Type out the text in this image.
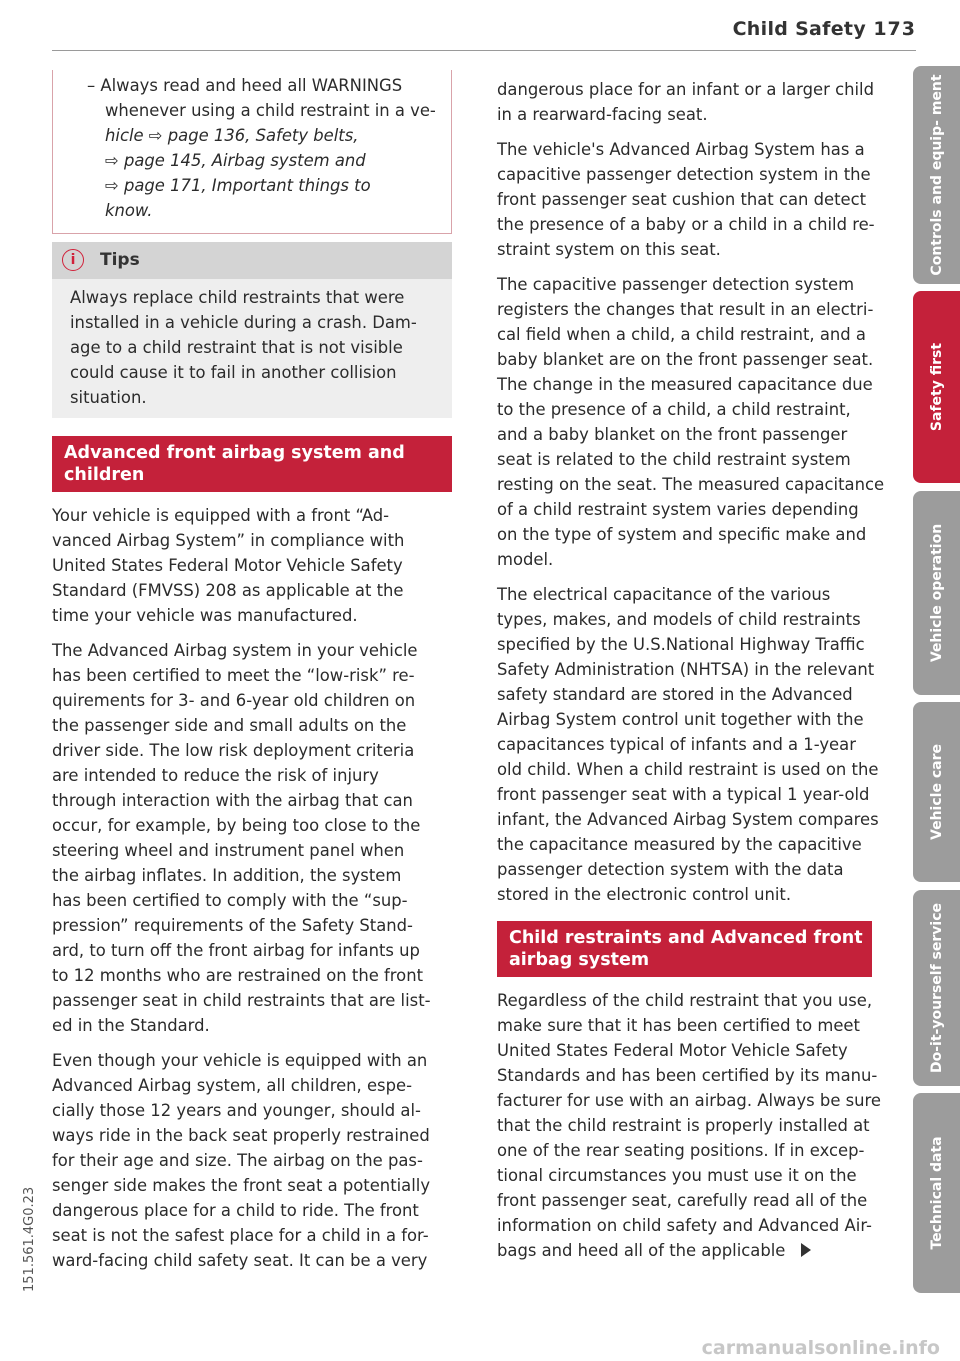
Child Safety 173
– Always read and heed all WARNINGS
whenever using a child restraint in a ve-
hicle ⇨ page 136, Safety belts,
⇨ page 145, Airbag system and
⇨ page 171, Important things to
know.
i	Tips
Always replace child restraints that were
installed in a vehicle during a crash. Dam-
age to a child restraint that is not visible
could cause it to fail in another collision
situation.
Advanced front airbag system and
children

Your vehicle is equipped with a front “Ad-
vanced Airbag System” in compliance with
United States Federal Motor Vehicle Safety
Standard (FMVSS) 208 as applicable at the
time your vehicle was manufactured.

The Advanced Airbag system in your vehicle
has been certified to meet the “low-risk” re-
quirements for 3- and 6-year old children on
the passenger side and small adults on the
driver side. The low risk deployment criteria
are intended to reduce the risk of injury
through interaction with the airbag that can
occur, for example, by being too close to the
steering wheel and instrument panel when
the airbag inflates. In addition, the system
has been certified to comply with the “sup-
pression” requirements of the Safety Stand-
ard, to turn off the front airbag for infants up
to 12 months who are restrained on the front
passenger seat in child restraints that are list-
ed in the Standard.

Even though your vehicle is equipped with an
Advanced Airbag system, all children, espe-
cially those 12 years and younger, should al-
ways ride in the back seat properly restrained
for their age and size. The airbag on the pas-
senger side makes the front seat a potentially
dangerous place for a child to ride. The front
seat is not the safest place for a child in a for-
ward-facing child safety seat. It can be a very

dangerous place for an infant or a larger child
in a rearward-facing seat.

The vehicle's Advanced Airbag System has a
capacitive passenger detection system in the
front passenger seat cushion that can detect
the presence of a baby or a child in a child re-
straint system on this seat.

The capacitive passenger detection system
registers the changes that result in an electri-
cal field when a child, a child restraint, and a
baby blanket are on the front passenger seat.
The change in the measured capacitance due
to the presence of a child, a child restraint,
and a baby blanket on the front passenger
seat is related to the child restraint system
resting on the seat. The measured capacitance
of a child restraint system varies depending
on the type of system and specific make and
model.

The electrical capacitance of the various
types, makes, and models of child restraints
specified by the U.S.National Highway Traffic
Safety Administration (NHTSA) in the relevant
safety standard are stored in the Advanced
Airbag System control unit together with the
capacitances typical of infants and a 1-year
old child. When a child restraint is used on the
front passenger seat with a typical 1 year-old
infant, the Advanced Airbag System compares
the capacitance measured by the capacitive
passenger detection system with the data
stored in the electronic control unit.

Child restraints and Advanced front
airbag system

Regardless of the child restraint that you use,
make sure that it has been certified to meet
United States Federal Motor Vehicle Safety
Standards and has been certified by its manu-
facturer for use with an airbag. Always be sure
that the child restraint is properly installed at
one of the rear seating positions. If in excep-
tional circumstances you must use it on the
front passenger seat, carefully read all of the
information on child safety and Advanced Air-
bags and heed all of the applicable

Controls and equip- ment
Safety first
Vehicle operation
Vehicle care
Do-it-yourself service
Technical data
151.561.4G0.23
carmanualsonline.info
